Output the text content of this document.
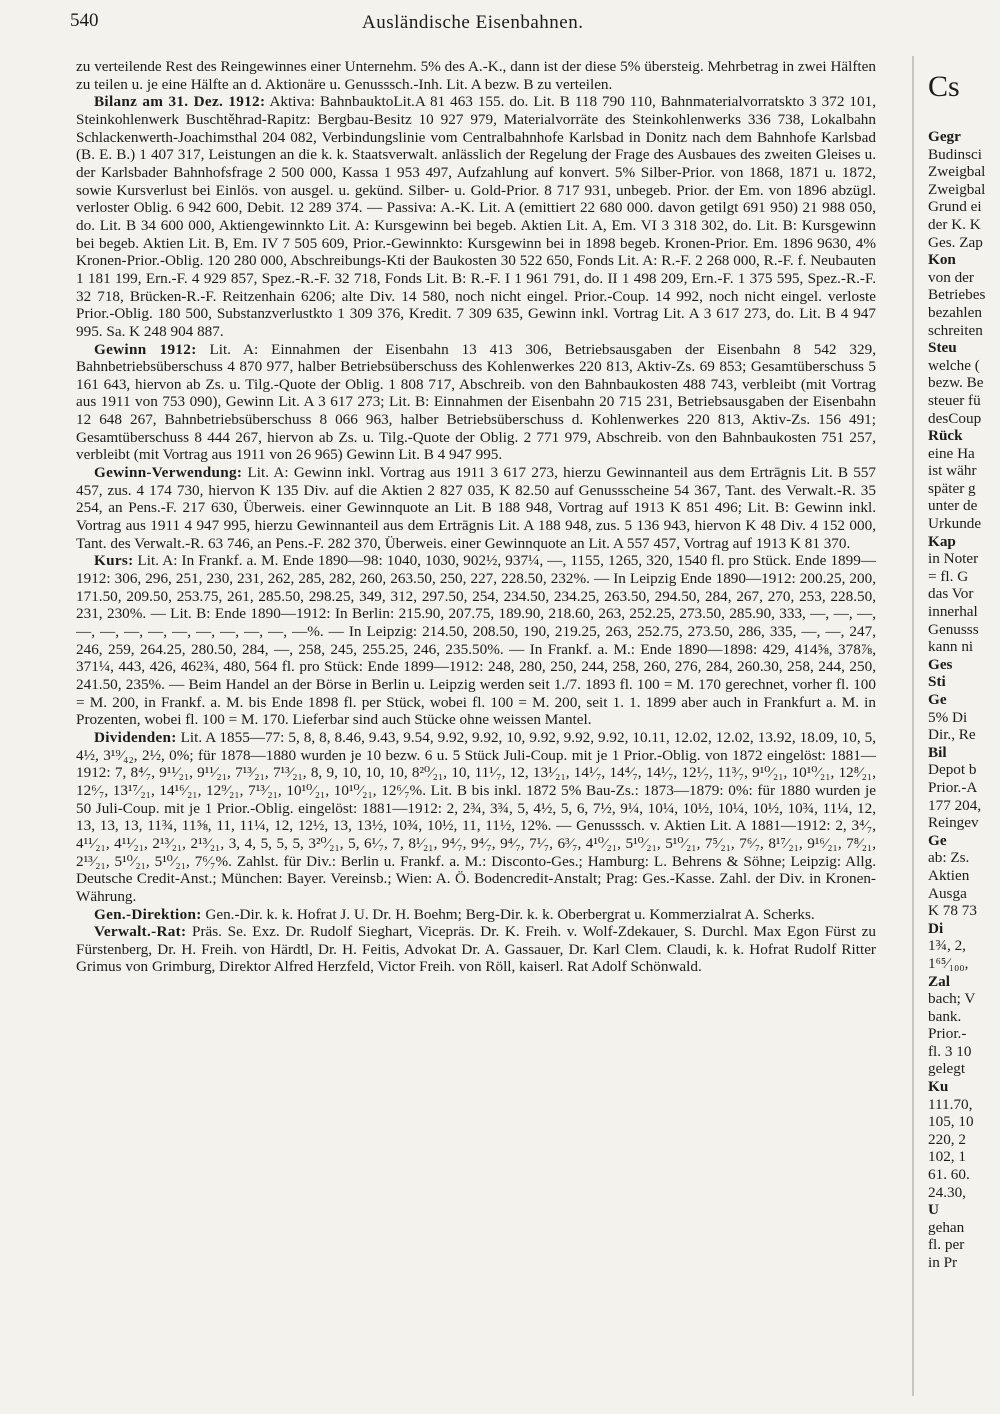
540	Ausländische Eisenbahnen.

zu verteilende Rest des Reingewinnes einer Unternehm. 5% des A.-K., dann ist der diese 5% übersteig. Mehrbetrag in zwei Hälften zu teilen u. je eine Hälfte an d. Aktionäre u. Genusssch.-Inh. Lit. A bezw. B zu verteilen.

Bilanz am 31. Dez. 1912: Aktiva: BahnbauktoLit.A 81 463 155. do. Lit. B 118 790 110, Bahnmaterialvorratskto 3 372 101, Steinkohlenwerk Buschtěhrad-Rapitz: Bergbau-Besitz 10 927 979, Materialvorräte des Steinkohlenwerks 336 738, Lokalbahn Schlackenwerth-Joachimsthal 204 082, Verbindungslinie vom Centralbahnhofe Karlsbad in Donitz nach dem Bahnhofe Karlsbad (B. E. B.) 1 407 317, Leistungen an die k. k. Staatsverwalt. anlässlich der Regelung der Frage des Ausbaues des zweiten Gleises u. der Karlsbader Bahnhofsfrage 2 500 000, Kassa 1 953 497, Aufzahlung auf konvert. 5% Silber-Prior. von 1868, 1871 u. 1872, sowie Kursverlust bei Einlös. von ausgel. u. gekünd. Silber- u. Gold-Prior. 8 717 931, unbegeb. Prior. der Em. von 1896 abzügl. verloster Oblig. 6 942 600, Debit. 12 289 374. — Passiva: A.-K. Lit. A (emittiert 22 680 000. davon getilgt 691 950) 21 988 050, do. Lit. B 34 600 000, Aktiengewinnkto Lit. A: Kursgewinn bei begeb. Aktien Lit. A, Em. VI 3 318 302, do. Lit. B: Kursgewinn bei begeb. Aktien Lit. B, Em. IV 7 505 609, Prior.-Gewinnkto: Kursgewinn bei in 1898 begeb. Kronen-Prior. Em. 1896 9630, 4% Kronen-Prior.-Oblig. 120 280 000, Abschreibungs-Kti der Baukosten 30 522 650, Fonds Lit. A: R.-F. 2 268 000, R.-F. f. Neubauten 1 181 199, Ern.-F. 4 929 857, Spez.-R.-F. 32 718, Fonds Lit. B: R.-F. I 1 961 791, do. II 1 498 209, Ern.-F. 1 375 595, Spez.-R.-F. 32 718, Brücken-R.-F. Reitzenhain 6206; alte Div. 14 580, noch nicht eingel. Prior.-Coup. 14 992, noch nicht eingel. verloste Prior.-Oblig. 180 500, Substanzverlustkto 1 309 376, Kredit. 7 309 635, Gewinn inkl. Vortrag Lit. A 3 617 273, do. Lit. B 4 947 995. Sa. K 248 904 887.

Gewinn 1912: Lit. A: Einnahmen der Eisenbahn 13 413 306, Betriebsausgaben der Eisenbahn 8 542 329, Bahnbetriebsüberschuss 4 870 977, halber Betriebsüberschuss des Kohlenwerkes 220 813, Aktiv-Zs. 69 853; Gesamtüberschuss 5 161 643, hiervon ab Zs. u. Tilg.-Quote der Oblig. 1 808 717, Abschreib. von den Bahnbaukosten 488 743, verbleibt (mit Vortrag aus 1911 von 753 090), Gewinn Lit. A 3 617 273; Lit. B: Einnahmen der Eisenbahn 20 715 231, Betriebsausgaben der Eisenbahn 12 648 267, Bahnbetriebsüberschuss 8 066 963, halber Betriebsüberschuss d. Kohlenwerkes 220 813, Aktiv-Zs. 156 491; Gesamtüberschuss 8 444 267, hiervon ab Zs. u. Tilg.-Quote der Oblig. 2 771 979, Abschreib. von den Bahnbaukosten 751 257, verbleibt (mit Vortrag aus 1911 von 26 965) Gewinn Lit. B 4 947 995.

Gewinn-Verwendung: Lit. A: Gewinn inkl. Vortrag aus 1911 3 617 273, hierzu Gewinnanteil aus dem Ertrāgnis Lit. B 557 457, zus. 4 174 730, hiervon K 135 Div. auf die Aktien 2 827 035, K 82.50 auf Genussscheine 54 367, Tant. des Verwalt.-R. 35 254, an Pens.-F. 217 630, Überweis. einer Gewinnquote an Lit. B 188 948, Vortrag auf 1913 K 851 496; Lit. B: Gewinn inkl. Vortrag aus 1911 4 947 995, hierzu Gewinnanteil aus dem Ertrāgnis Lit. A 188 948, zus. 5 136 943, hiervon K 48 Div. 4 152 000, Tant. des Verwalt.-R. 63 746, an Pens.-F. 282 370, Überweis. einer Gewinnquote an Lit. A 557 457, Vortrag auf 1913 K 81 370.

Kurs: Lit. A: In Frankf. a. M. Ende 1890—98: 1040, 1030, 902½, 937¼, —, 1155, 1265, 320, 1540 fl. pro Stück. Ende 1899—1912: 306, 296, 251, 230, 231, 262, 285, 282, 260, 263.50, 250, 227, 228.50, 232%. — In Leipzig Ende 1890—1912: 200.25, 200, 171.50, 209.50, 253.75, 261, 285.50, 298.25, 349, 312, 297.50, 254, 234.50, 234.25, 263.50, 294.50, 284, 267, 270, 253, 228.50, 231, 230%. — Lit. B: Ende 1890—1912: In Berlin: 215.90, 207.75, 189.90, 218.60, 263, 252.25, 273.50, 285.90, 333, —, —, —, —, —, —, —, —, —, —, —, —, —%. — In Leipzig: 214.50, 208.50, 190, 219.25, 263, 252.75, 273.50, 286, 335, —, —, 247, 246, 259, 264.25, 280.50, 284, —, 258, 245, 255.25, 246, 235.50%. — In Frankf. a. M.: Ende 1890—1898: 429, 414⅝, 378⅞, 371¼, 443, 426, 462¾, 480, 564 fl. pro Stück: Ende 1899—1912: 248, 280, 250, 244, 258, 260, 276, 284, 260.30, 258, 244, 250, 241.50, 235%. — Beim Handel an der Börse in Berlin u. Leipzig werden seit 1./7. 1893 fl. 100 = M. 170 gerechnet, vorher fl. 100 = M. 200, in Frankf. a. M. bis Ende 1898 fl. per Stück, wobei fl. 100 = M. 200, seit 1. 1. 1899 aber auch in Frankfurt a. M. in Prozenten, wobei fl. 100 = M. 170. Lieferbar sind auch Stücke ohne weissen Mantel.

Dividenden: Lit. A 1855—77: 5, 8, 8, 8.46, 9.43, 9.54, 9.92, 9.92, 10, 9.92, 9.92, 9.92, 10.11, 12.02, 12.02, 13.92, 18.09, 10, 5, 4½, 3¹⁹⁄₄₂, 2½, 0%; für 1878—1880 wurden je 10 bezw. 6 u. 5 Stück Juli-Coup. mit je 1 Prior.-Oblig. von 1872 eingelöst: 1881—1912: 7, 8⁴⁄₇, 9¹¹⁄₂₁, 9¹¹⁄₂₁, 7¹³⁄₂₁, 7¹³⁄₂₁, 8, 9, 10, 10, 10, 8²⁰⁄₂₁, 10, 11¹⁄₇, 12, 13¹⁄₂₁, 14¹⁄₇, 14⁴⁄₇, 14¹⁄₇, 12¹⁄₇, 11³⁄₇, 9¹⁰⁄₂₁, 10¹⁰⁄₂₁, 12⁸⁄₂₁, 12⁶⁄₇, 13¹⁷⁄₂₁, 14¹⁶⁄₂₁, 12⁹⁄₂₁, 7¹³⁄₂₁, 10¹⁰⁄₂₁, 10¹⁰⁄₂₁, 12⁶⁄₇%. Lit. B bis inkl. 1872 5% Bau-Zs.: 1873—1879: 0%: für 1880 wurden je 50 Juli-Coup. mit je 1 Prior.-Oblig. eingelöst: 1881—1912: 2, 2¾, 3¾, 5, 4½, 5, 6, 7½, 9¼, 10¼, 10½, 10¼, 10½, 10¾, 11¼, 12, 13, 13, 13, 11¾, 11⅝, 11, 11¼, 12, 12½, 13, 13½, 10¾, 10½, 11, 11½, 12%. — Genusssch. v. Aktien Lit. A 1881—1912: 2, 3⁴⁄₇, 4¹¹⁄₂₁, 4¹¹⁄₂₁, 2¹³⁄₂₁, 2¹³⁄₂₁, 3, 4, 5, 5, 5, 3²⁰⁄₂₁, 5, 6¹⁄₇, 7, 8¹⁄₂₁, 9⁴⁄₇, 9⁴⁄₇, 9⁴⁄₇, 7¹⁄₇, 6³⁄₇, 4¹⁰⁄₂₁, 5¹⁰⁄₂₁, 5¹⁰⁄₂₁, 7⁵⁄₂₁, 7⁶⁄₇, 8¹⁷⁄₂₁, 9¹⁶⁄₂₁, 7⁸⁄₂₁, 2¹³⁄₂₁, 5¹⁰⁄₂₁, 5¹⁰⁄₂₁, 7⁶⁄₇%. Zahlst. für Div.: Berlin u. Frankf. a. M.: Disconto-Ges.; Hamburg: L. Behrens & Söhne; Leipzig: Allg. Deutsche Credit-Anst.; München: Bayer. Vereinsb.; Wien: A. Ö. Bodencredit-Anstalt; Prag: Ges.-Kasse. Zahl. der Div. in Kronen-Währung.

Gen.-Direktion: Gen.-Dir. k. k. Hofrat J. U. Dr. H. Boehm; Berg-Dir. k. k. Oberbergrat u. Kommerzialrat A. Scherks.

Verwalt.-Rat: Präs. Se. Exz. Dr. Rudolf Sieghart, Vicepräs. Dr. K. Freih. v. Wolf-Zdekauer, S. Durchl. Max Egon Fürst zu Fürstenberg, Dr. H. Freih. von Härdtl, Dr. H. Feitis, Advokat Dr. A. Gassauer, Dr. Karl Clem. Claudi, k. k. Hofrat Rudolf Ritter Grimus von Grimburg, Direktor Alfred Herzfeld, Victor Freih. von Röll, kaiserl. Rat Adolf Schönwald.

Cs
Gegr
Budinsci
Zweigbal
Zweigbal
Grund ei
der K. K
Ges. Zap
Kon
von der
Betriebes
bezahlen
schreiten
Steu
welche (
bezw. Be
steuer fü
desCoup
Rück
eine Ha
ist währ
später g
unter de
Urkunde
Kap
in Noter
= fl. G
das Vor
innerhal
Genusss
kann ni
Ges
Sti
Ge
5% Di
Dir., Re
Bil
Depot b
Prior.-A
177 204,
Reingev
Ge
ab: Zs.
Aktien
Ausga
K 78 73
Di
1¾, 2,
1⁶⁵⁄₁₀₀,
Zal
bach; V
bank.
Prior.-
fl. 3 10
gelegt
Ku
111.70,
105, 10
220, 2
102, 1
61. 60.
24.30,
U
gehan
fl. per
in Pr
